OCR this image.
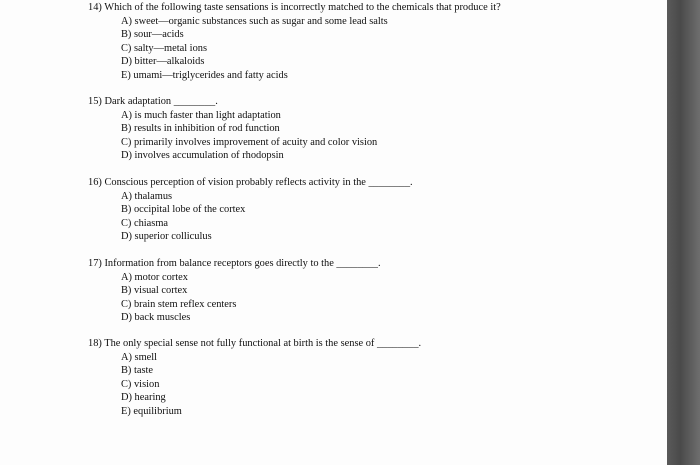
14) Which of the following taste sensations is incorrectly matched to the chemicals that produce it?
A) sweet—organic substances such as sugar and some lead salts
B) sour—acids
C) salty—metal ions
D) bitter—alkaloids
E) umami—triglycerides and fatty acids
15) Dark adaptation ________.
A) is much faster than light adaptation
B) results in inhibition of rod function
C) primarily involves improvement of acuity and color vision
D) involves accumulation of rhodopsin
16) Conscious perception of vision probably reflects activity in the ________.
A) thalamus
B) occipital lobe of the cortex
C) chiasma
D) superior colliculus
17) Information from balance receptors goes directly to the ________.
A) motor cortex
B) visual cortex
C) brain stem reflex centers
D) back muscles
18) The only special sense not fully functional at birth is the sense of ________.
A) smell
B) taste
C) vision
D) hearing
E) equilibrium
